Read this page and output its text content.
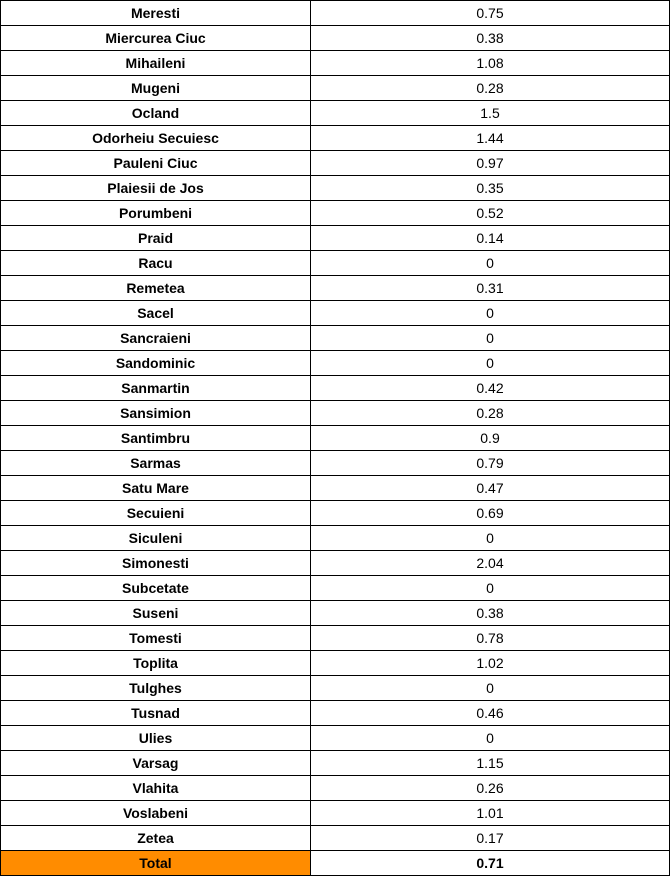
Meresti	0.75
Miercurea Ciuc	0.38
Mihaileni	1.08
Mugeni	0.28
Ocland	1.5
Odorheiu Secuiesc	1.44
Pauleni Ciuc	0.97
Plaiesii de Jos	0.35
Porumbeni	0.52
Praid	0.14
Racu	0
Remetea	0.31
Sacel	0
Sancraieni	0
Sandominic	0
Sanmartin	0.42
Sansimion	0.28
Santimbru	0.9
Sarmas	0.79
Satu Mare	0.47
Secuieni	0.69
Siculeni	0
Simonesti	2.04
Subcetate	0
Suseni	0.38
Tomesti	0.78
Toplita	1.02
Tulghes	0
Tusnad	0.46
Ulies	0
Varsag	1.15
Vlahita	0.26
Voslabeni	1.01
Zetea	0.17
Total	0.71
